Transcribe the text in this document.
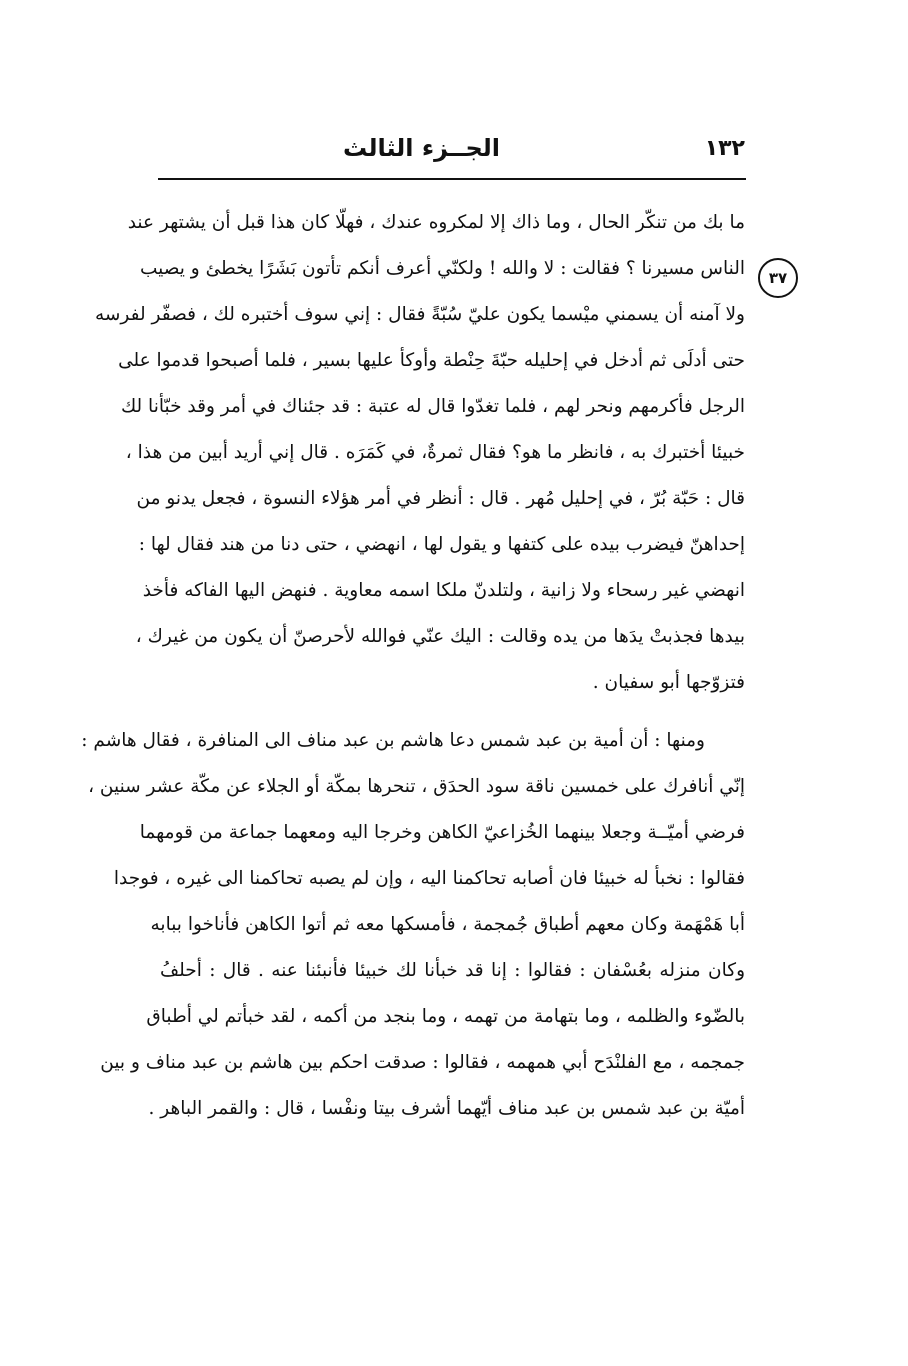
١٣٢
الجــزء الثالث
٣٧
ما بك من تنكّر الحال ، وما ذاك إلا لمكروه عندك ، فهلّا كان هذا قبل أن يشتهر عند
الناس مسيرنا ؟ فقالت : لا والله ! ولكنّي أعرف أنكم تأتون بَشَرًا يخطئ و يصيب
ولا آمنه أن يسمني ميْسما يكون عليّ سُبّةً فقال : إني سوف أختبره لك ، فصفّر لفرسه
حتى أدلَى ثم أدخل في إحليله حبّةَ حِنْطة وأوكأ عليها بسير ، فلما أصبحوا قدموا على
الرجل فأكرمهم ونحر لهم ، فلما تغدّوا قال له عتبة : قد جئناك في أمر وقد خبّأنا لك
خبيئا أختبرك به ، فانظر ما هو؟ فقال ثمرةٌ، في كَمَرَه . قال إني أريد أبين من هذا ،
قال : حَبّة بُرّ ، في إحليل مُهر . قال : أنظر في أمر هؤلاء النسوة ، فجعل يدنو من
إحداهنّ فيضرب بيده على كتفها و يقول لها ، انهضي ، حتى دنا من هند فقال لها :
انهضي غير رسحاء ولا زانية ، ولتلدنّ ملكا اسمه معاوية . فنهض اليها الفاكه فأخذ
بيدها فجذبتْ يدَها من يده وقالت : اليك عنّي فوالله لأحرصنّ أن يكون من غيرك ،
فتزوّجها أبو سفيان .
ومنها : أن أمية بن عبد شمس دعا هاشم بن عبد مناف الى المنافرة ، فقال هاشم :
إنّي أنافرك على خمسين ناقة سود الحدَق ، تنحرها بمكّة أو الجلاء عن مكّة عشر سنين ،
فرضي أميّــة وجعلا بينهما الخُزاعيّ الكاهن وخرجا اليه ومعهما جماعة من قومهما
فقالوا : نخبأ له خبيئا فان أصابه تحاكمنا اليه ، وإن لم يصبه تحاكمنا الى غيره ، فوجدا
أبا هَمْهَمة وكان معهم أطباق جُمجمة ، فأمسكها معه ثم أتوا الكاهن فأناخوا ببابه
وكان منزله بعُسْفان : فقالوا : إنا قد خبأنا لك خبيئا فأنبئنا عنه . قال : أحلفُ
بالضّوء والظلمه ، وما بتهامة من تهمه ، وما بنجد من أكمه ، لقد خبأتم لي أطباق
جمجمه ، مع الفلنْدَح أبي همهمه ، فقالوا : صدقت احكم بين هاشم بن عبد مناف و بين
أميّة بن عبد شمس بن عبد مناف أيّهما أشرف بيتا ونفْسا ، قال : والقمر الباهر .
